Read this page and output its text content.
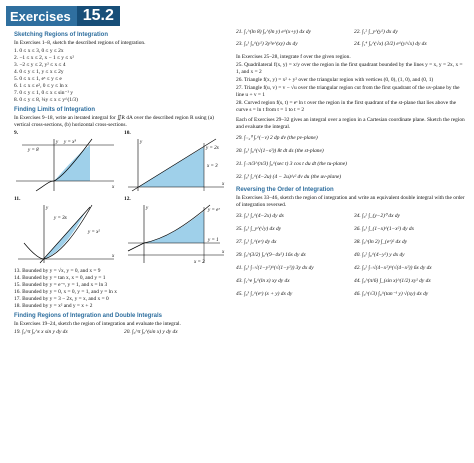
Exercises 15.2
Sketching Regions of Integration
In Exercises 1–8, sketch the described regions of integration.
1. 0 ≤ x ≤ 3, 0 ≤ y ≤ 2x
2. −1 ≤ x ≤ 2, x − 1 ≤ y ≤ x²
3. −2 ≤ y ≤ 2, y² ≤ x ≤ 4
4. 0 ≤ y ≤ 1, y ≤ x ≤ 2y
5. 0 ≤ x ≤ 1, eˣ ≤ y ≤ e
6. 1 ≤ x ≤ e², 0 ≤ y ≤ ln x
7. 0 ≤ y ≤ 1, 0 ≤ x ≤ sin⁻¹ y
8. 0 ≤ y ≤ 8, ¼y ≤ x ≤ y^(1/3)
Finding Limits of Integration
In Exercises 9–18, write an iterated integral for ∬R dA over the described region R using (a) vertical cross-sections, (b) horizontal cross-sections.
9.
y = x³
y = 8
x
y
10.
y = 2x
x = 3
x
y
11.
y = 3x
y = x²
x
y
12.
y = eˣ
y = 1
x = 2
x
y
13. Bounded by y = √x, y = 0, and x = 9
14. Bounded by y = tan x, x = 0, and y = 1
15. Bounded by y = e⁻ˣ, y = 1, and x = ln 3
16. Bounded by y = 0, x = 0, y = 1, and y = ln x
17. Bounded by y = 3 − 2x, y = x, and x = 0
18. Bounded by y = x² and y = x + 2
Finding Regions of Integration and Double Integrals
In Exercises 19–24, sketch the region of integration and evaluate the integral.
19. ∫₀^π ∫₀^x x sin y dy dx	20. ∫₀^π ∫₀^(sin x) y dy dx
21. ∫₁^(ln 8) ∫₀^(ln y) e^(x+y) dx dy	22. ∫₁² ∫_y^(y²) dx dy
23. ∫₀¹ ∫₀^(y²) 3y³e^(xy) dx dy	24. ∫₁⁴ ∫₀^(√x) (3/2) e^(y/√x) dy dx
In Exercises 25–28, integrate f over the given region.
25. Quadrilateral f(x, y) = x/y over the region in the first quadrant bounded by the lines y = x, y = 2x, x = 1, and x = 2
26. Triangle f(x, y) = x² + y² over the triangular region with vertices (0, 0), (1, 0), and (0, 1)
27. Triangle f(u, v) = v − √u over the triangular region cut from the first quadrant of the uv-plane by the line u + v = 1
28. Curved region f(s, t) = eˢ ln t over the region in the first quadrant of the st-plane that lies above the curve s = ln t from t = 1 to t = 2
Each of Exercises 29–32 gives an integral over a region in a Cartesian coordinate plane. Sketch the region and evaluate the integral.
29. ∫₋₂⁰ ∫ᵥ^(−v) 2 dp dv (the pv-plane)
30. ∫₀¹ ∫₀^(√(1−s²)) 8t dt ds (the st-plane)
31. ∫₋π/3^(π/3) ∫₀^(sec t) 3 cos t du dt (the tu-plane)
32. ∫₀³ ∫₁^(4−2u) (4 − 2u)/v² dv du (the uv-plane)
Reversing the Order of Integration
In Exercises 33–46, sketch the region of integration and write an equivalent double integral with the order of integration reversed.
33. ∫₀¹ ∫₂^(4−2x) dy dx	34. ∫₀² ∫_(y−2)⁰ dx dy
35. ∫₀¹ ∫_y^(√y) dx dy	36. ∫₀¹ ∫_(1−x)^(1−x²) dy dx
37. ∫₀¹ ∫₁^(eˣ) dy dx	38. ∫₀^(ln 2) ∫_(eˣ)² dx dy
39. ∫₀^(3/2) ∫₀^(9−4x²) 16x dy dx	40. ∫₀² ∫₀^(4−y²) y dx dy
41. ∫₀¹ ∫₋√(1−y²)^(√(1−y²)) 3y dx dy	42. ∫₀² ∫₋√(4−x²)^(√(4−x²)) 6x dy dx
43. ∫₁^e ∫₀^(ln x) xy dy dx	44. ∫₀^(π/6) ∫_(sin x)^(1/2) xy² dy dx
45. ∫₀³ ∫₁^(eʸ) (x + y) dx dy	46. ∫₀^(√3) ∫₀^(tan⁻¹ y) √(xy) dx dy
